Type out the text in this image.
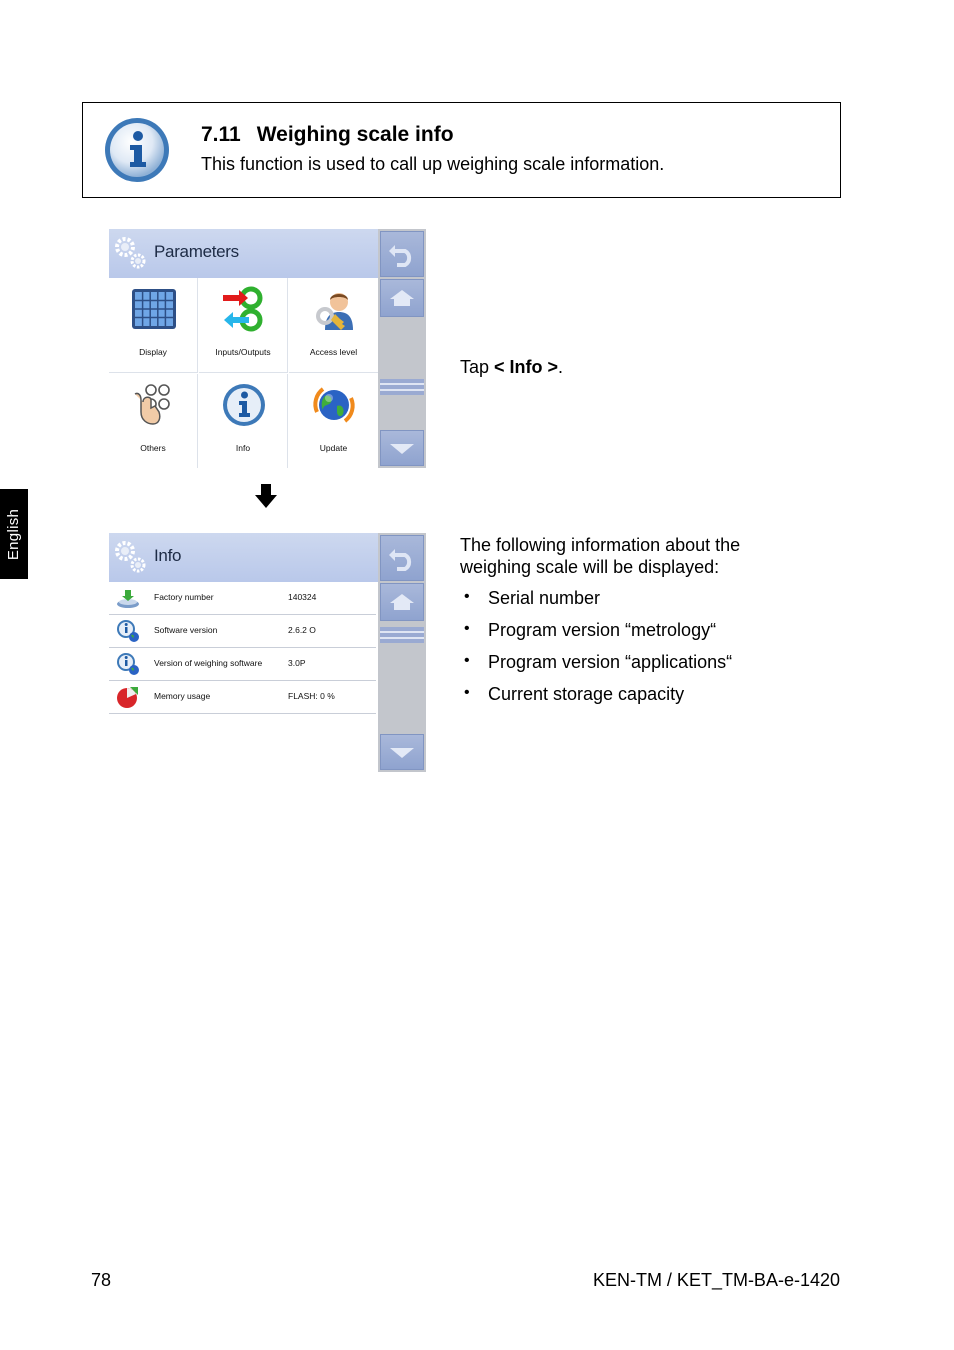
English
7.11 Weighing scale info
This function is used to call up weighing scale information.
Parameters
Display	Inputs/Outputs	Access level
Others	Info	Update
Info
Factory number	140324
Software version	2.6.2 O
Version of weighing software	3.0P
Memory usage	FLASH: 0 %
Tap < Info >.
The following information about the weighing scale will be displayed:
• Serial number
• Program version “metrology“
• Program version “applications“
• Current storage capacity
78	KEN-TM / KET_TM-BA-e-1420
